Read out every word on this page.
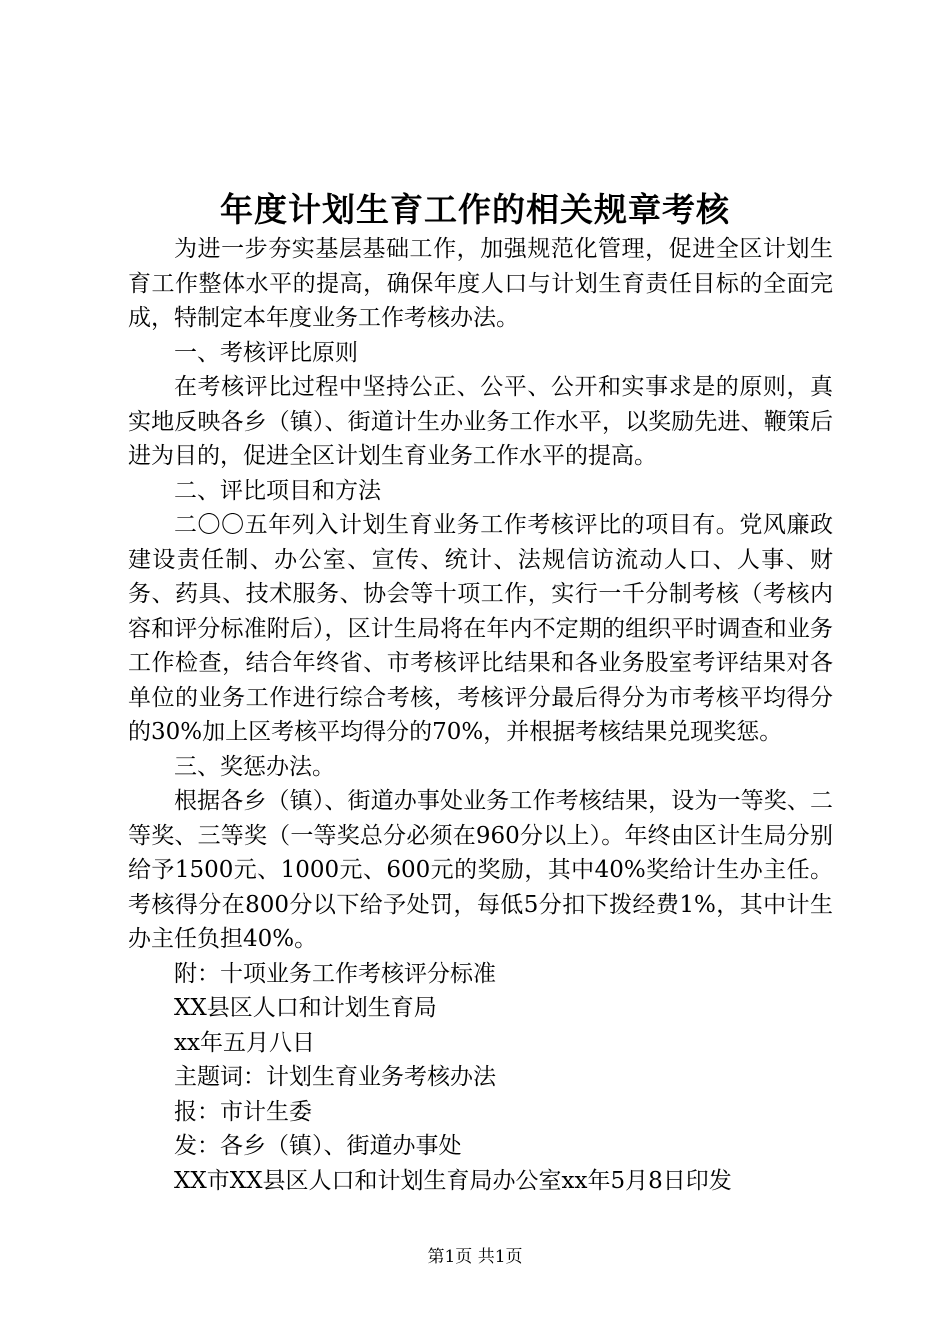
年度计划生育工作的相关规章考核

为进一步夯实基层基础工作，加强规范化管理，促进全区计划生育工作整体水平的提高，确保年度人口与计划生育责任目标的全面完成，特制定本年度业务工作考核办法。

一、考核评比原则

在考核评比过程中坚持公正、公平、公开和实事求是的原则，真实地反映各乡（镇）、街道计生办业务工作水平，以奖励先进、鞭策后进为目的，促进全区计划生育业务工作水平的提高。

二、评比项目和方法

二〇〇五年列入计划生育业务工作考核评比的项目有。党风廉政建设责任制、办公室、宣传、统计、法规信访流动人口、人事、财务、药具、技术服务、协会等十项工作，实行一千分制考核（考核内容和评分标准附后），区计生局将在年内不定期的组织平时调查和业务工作检查，结合年终省、市考核评比结果和各业务股室考评结果对各单位的业务工作进行综合考核，考核评分最后得分为市考核平均得分的30%加上区考核平均得分的70%，并根据考核结果兑现奖惩。

三、奖惩办法。

根据各乡（镇）、街道办事处业务工作考核结果，设为一等奖、二等奖、三等奖（一等奖总分必须在960分以上）。年终由区计生局分别给予1500元、1000元、600元的奖励，其中40%奖给计生办主任。考核得分在800分以下给予处罚，每低5分扣下拨经费1%，其中计生办主任负担40%。

附：十项业务工作考核评分标准

XX县区人口和计划生育局

xx年五月八日

主题词：计划生育业务考核办法

报：市计生委

发：各乡（镇）、街道办事处

XX市XX县区人口和计划生育局办公室xx年5月8日印发

第1页 共1页
